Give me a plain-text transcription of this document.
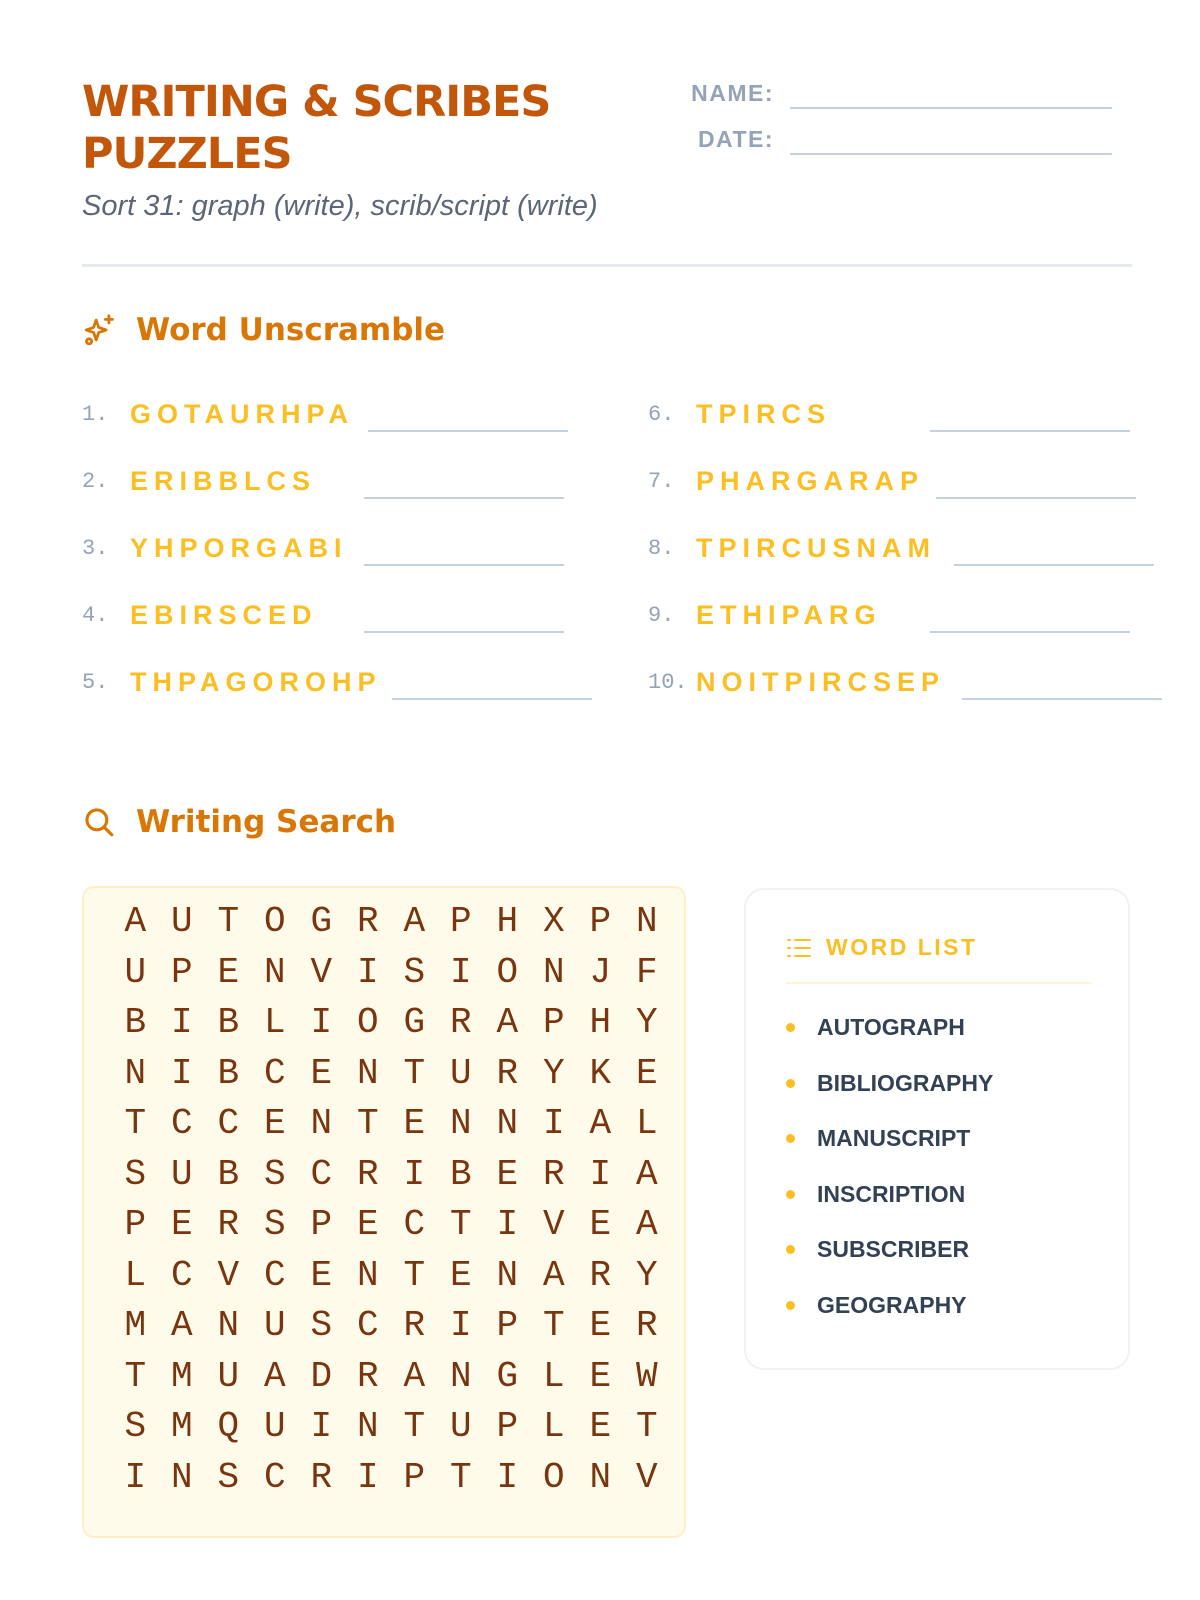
WRITING & SCRIBES PUZZLES

Sort 31: graph (write), scrib/script (write)

NAME:
DATE:
Word Unscramble
1. GOTAURHPA
2. ERIBBLCS
3. YHPORGABI
4. EBIRSCED
5. THPAGOROHP
6. TPIRCS
7. PHARGARAP
8. TPIRCUSNAM
9. ETHIPARG
10. NOITPIRCSEP
Writing Search
A U T O G R A P H X P N
U P E N V I S I O N J F
B I B L I O G R A P H Y
N I B C E N T U R Y K E
T C C E N T E N N I A L
S U B S C R I B E R I A
P E R S P E C T I V E A
L C V C E N T E N A R Y
M A N U S C R I P T E R
T M U A D R A N G L E W
S M Q U I N T U P L E T
I N S C R I P T I O N V
WORD LIST
AUTOGRAPH
BIBLIOGRAPHY
MANUSCRIPT
INSCRIPTION
SUBSCRIBER
GEOGRAPHY
